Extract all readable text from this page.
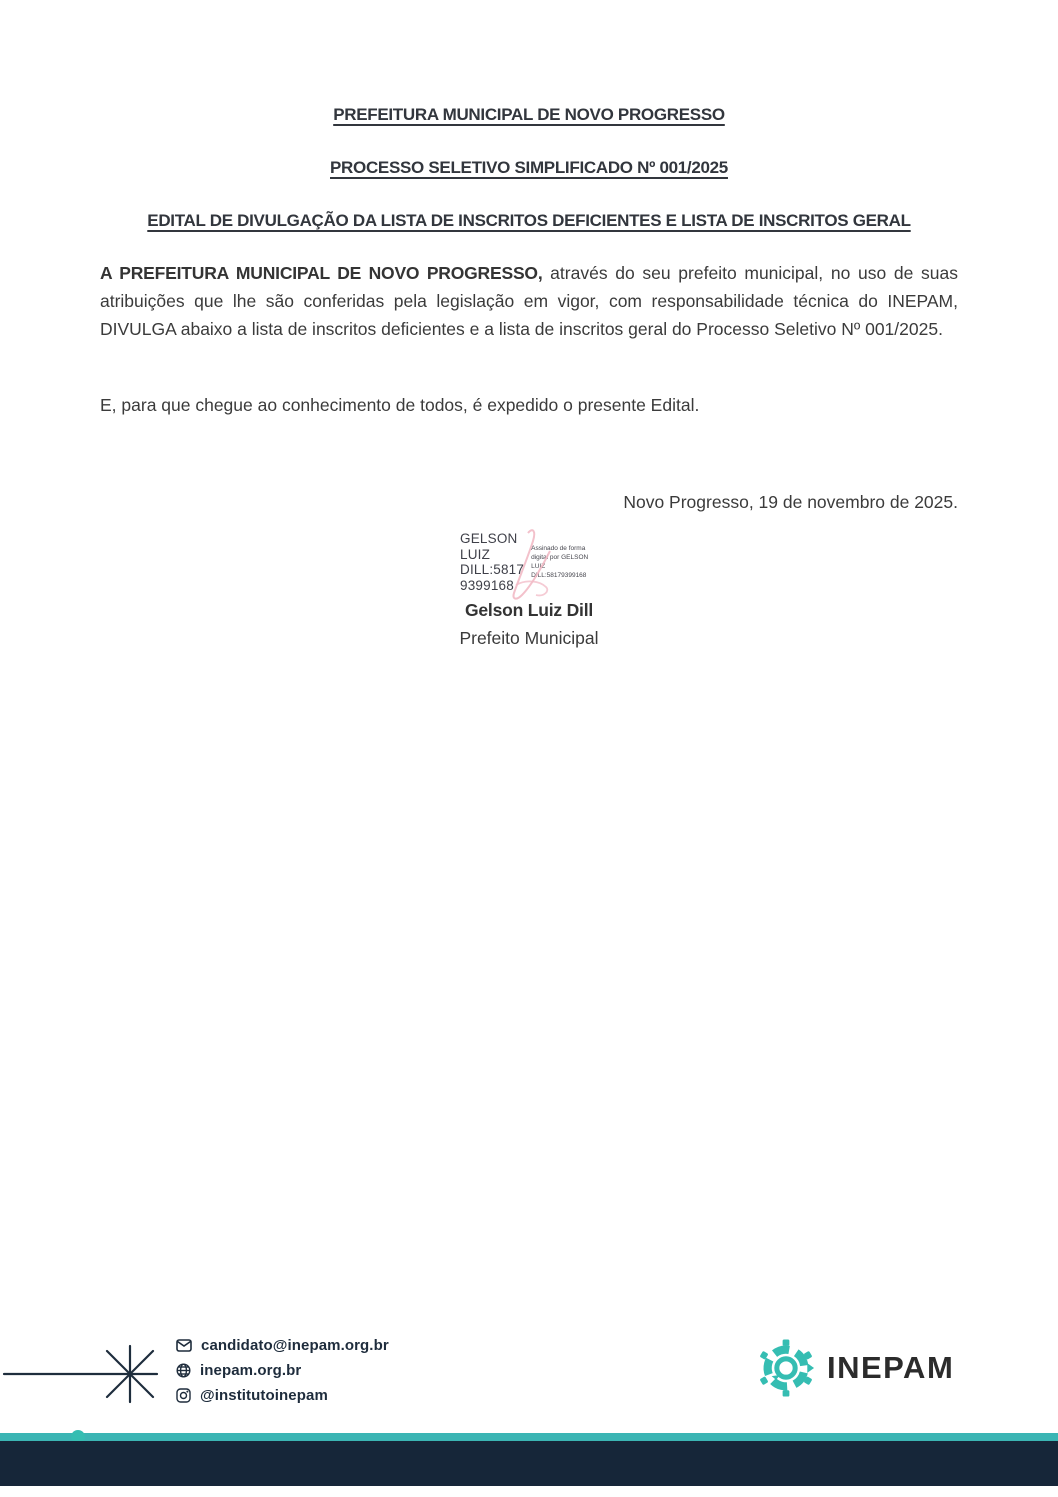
PREFEITURA MUNICIPAL DE NOVO PROGRESSO

PROCESSO SELETIVO SIMPLIFICADO Nº 001/2025

EDITAL DE DIVULGAÇÃO DA LISTA DE INSCRITOS DEFICIENTES E LISTA DE INSCRITOS GERAL

A PREFEITURA MUNICIPAL DE NOVO PROGRESSO, através do seu prefeito municipal, no uso de suas atribuições que lhe são conferidas pela legislação em vigor, com responsabilidade técnica do INEPAM, DIVULGA abaixo a lista de inscritos deficientes e a lista de inscritos geral do Processo Seletivo Nº 001/2025.

E, para que chegue ao conhecimento de todos, é expedido o presente Edital.

Novo Progresso, 19 de novembro de 2025.

GELSON
LUIZ
DILL:5817
9399168
Assinado de forma
digital por GELSON
LUIZ
DILL:58179399168
Gelson Luiz Dill
Prefeito Municipal
candidato@inepam.org.br
inepam.org.br
@institutoinepam
INEPAM
